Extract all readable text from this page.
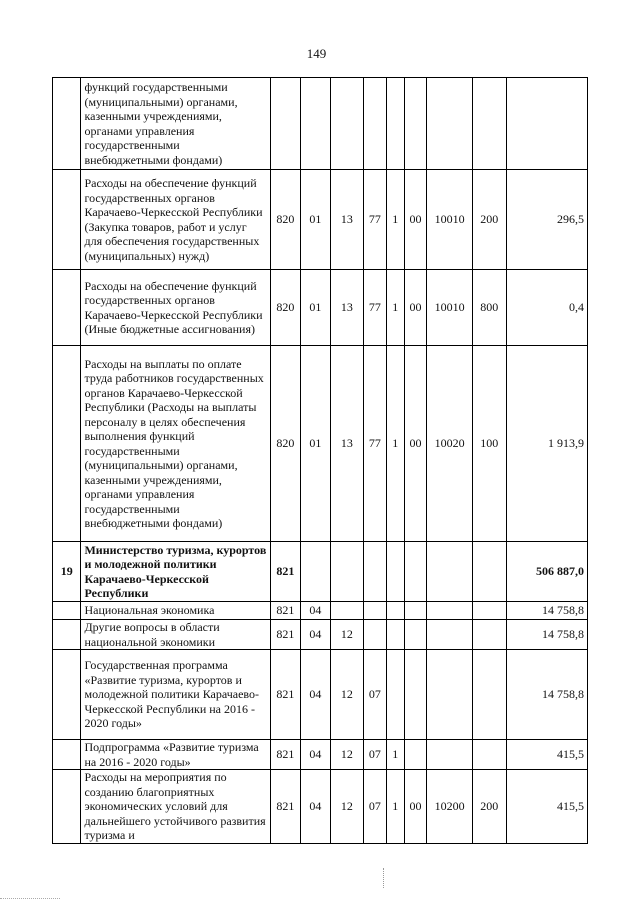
149
	функций государственными (муниципальными) органами, казенными учреждениями, органами управления государственными внебюджетными фондами)									
	Расходы на обеспечение функций государственных органов Карачаево-Черкесской Республики (Закупка товаров, работ и услуг для обеспечения государственных (муниципальных) нужд)	820	01	13	77	1	00	10010	200	296,5
	Расходы на обеспечение функций государственных органов Карачаево-Черкесской Республики (Иные бюджетные ассигнования)	820	01	13	77	1	00	10010	800	0,4
	Расходы на выплаты по оплате труда работников государственных органов Карачаево-Черкесской Республики (Расходы на выплаты персоналу в целях обеспечения выполнения функций государственными (муниципальными) органами, казенными учреждениями, органами управления государственными внебюджетными фондами)	820	01	13	77	1	00	10020	100	1 913,9
19	Министерство туризма, курортов и молодежной политики Карачаево-Черкесской Республики	821								506 887,0
	Национальная экономика	821	04							14 758,8
	Другие вопросы в области национальной экономики	821	04	12						14 758,8
	Государственная программа «Развитие туризма, курортов и молодежной политики Карачаево-Черкесской Республики на 2016 - 2020 годы»	821	04	12	07					14 758,8
	Подпрограмма «Развитие туризма на 2016 - 2020 годы»	821	04	12	07	1				415,5
	Расходы на мероприятия по созданию благоприятных экономических условий для дальнейшего устойчивого развития туризма и	821	04	12	07	1	00	10200	200	415,5
